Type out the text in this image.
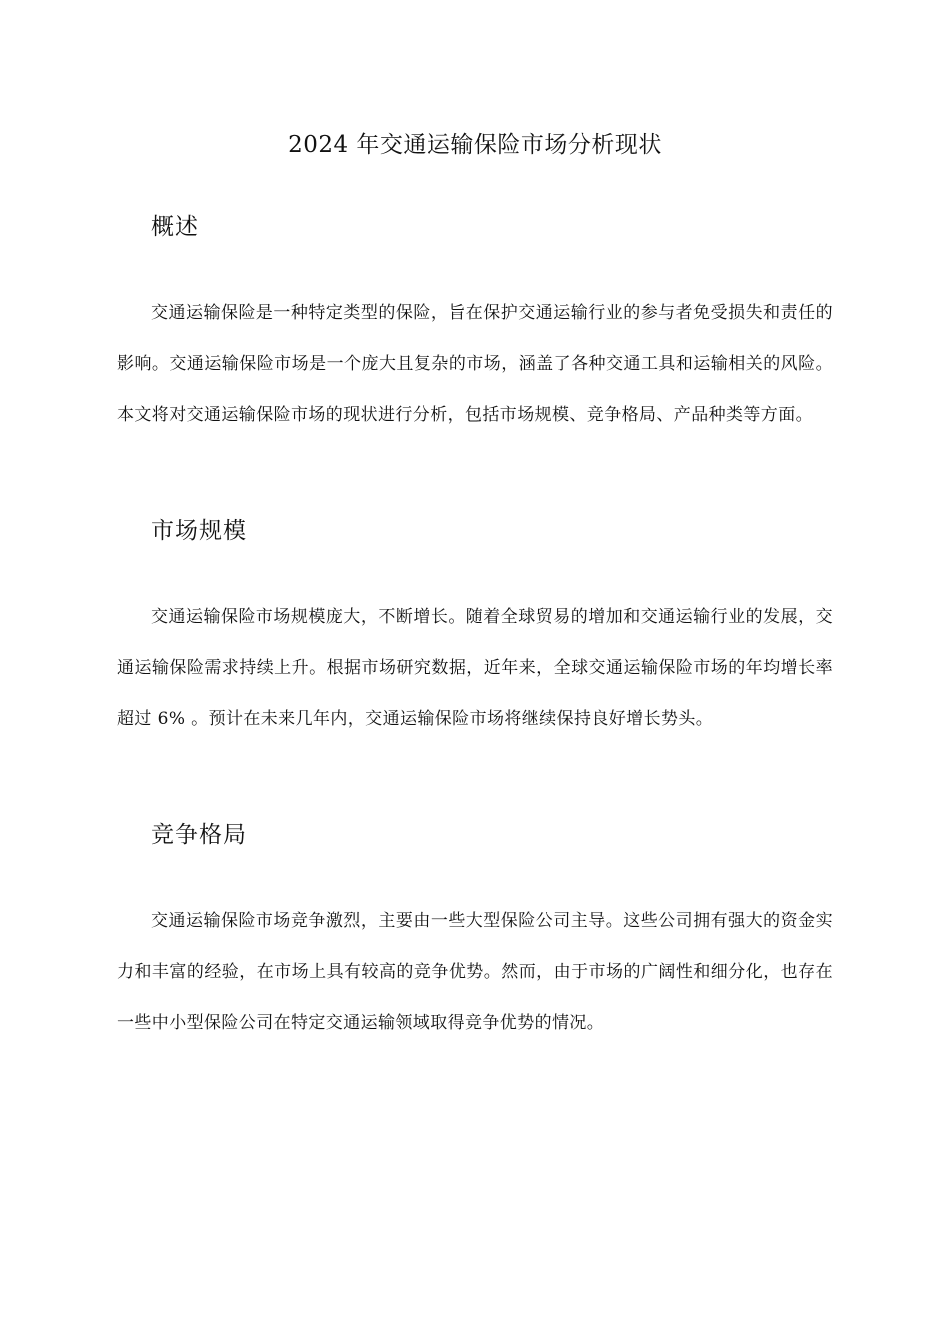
2024 年交通运输保险市场分析现状
概述
交通运输保险是一种特定类型的保险，旨在保护交通运输行业的参与者免受损失和责任的影响。交通运输保险市场是一个庞大且复杂的市场，涵盖了各种交通工具和运输相关的风险。本文将对交通运输保险市场的现状进行分析，包括市场规模、竞争格局、产品种类等方面。
市场规模
交通运输保险市场规模庞大，不断增长。随着全球贸易的增加和交通运输行业的发展，交通运输保险需求持续上升。根据市场研究数据，近年来，全球交通运输保险市场的年均增长率超过 6% 。预计在未来几年内，交通运输保险市场将继续保持良好增长势头。
竞争格局
交通运输保险市场竞争激烈，主要由一些大型保险公司主导。这些公司拥有强大的资金实力和丰富的经验，在市场上具有较高的竞争优势。然而，由于市场的广阔性和细分化，也存在一些中小型保险公司在特定交通运输领域取得竞争优势的情况。
